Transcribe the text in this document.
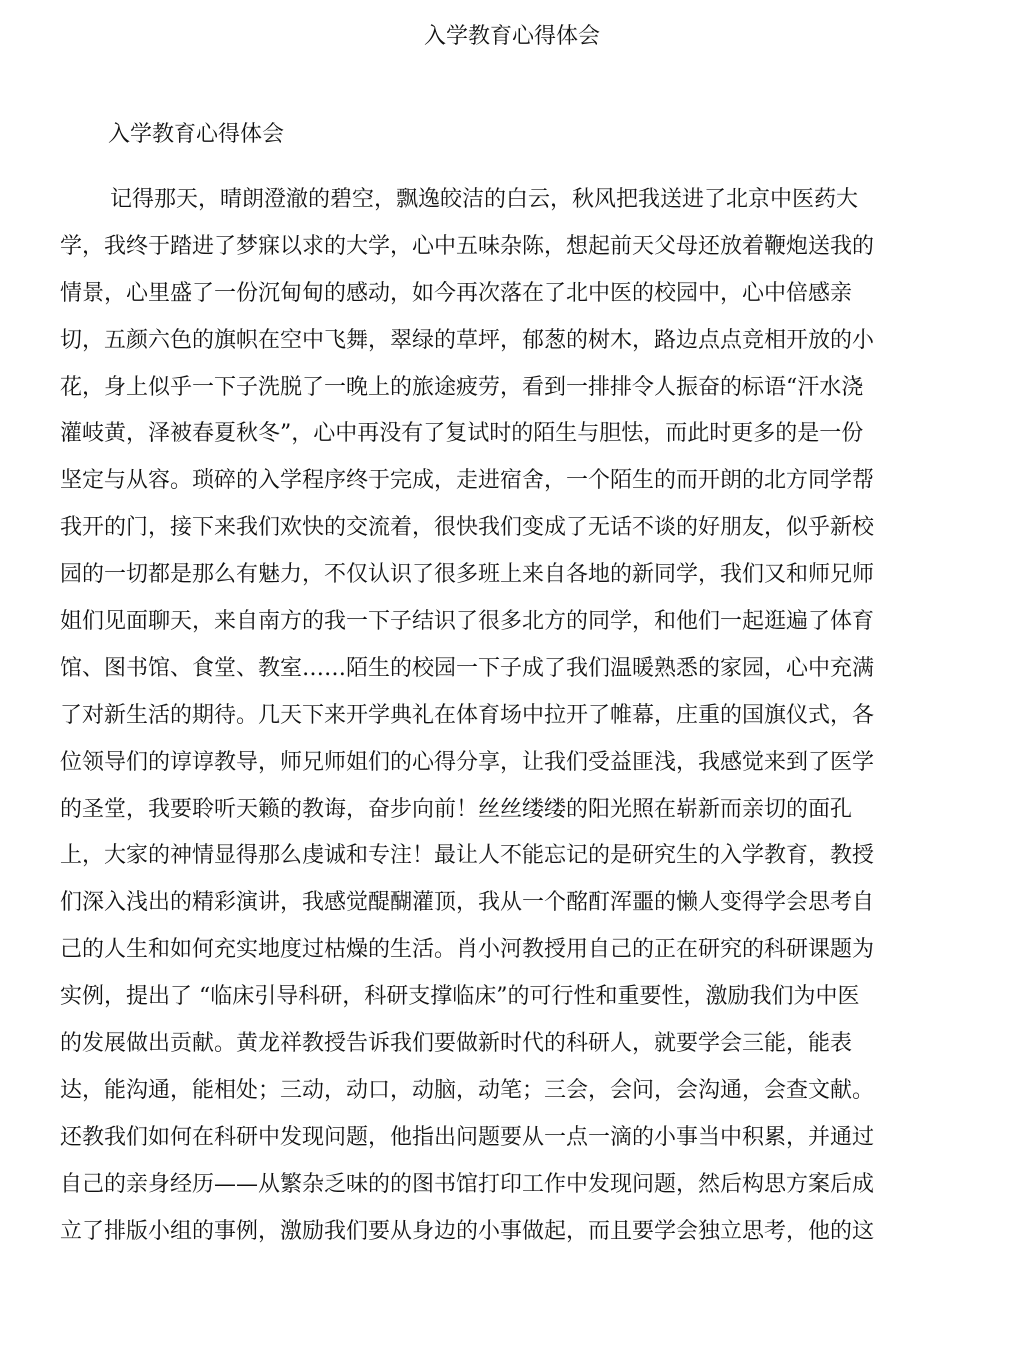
入学教育心得体会
入学教育心得体会
记得那天，晴朗澄澈的碧空，飘逸皎洁的白云，秋风把我送进了北京中医药大
学，我终于踏进了梦寐以求的大学，心中五味杂陈，想起前天父母还放着鞭炮送我的
情景，心里盛了一份沉甸甸的感动，如今再次落在了北中医的校园中，心中倍感亲
切，五颜六色的旗帜在空中飞舞，翠绿的草坪，郁葱的树木，路边点点竞相开放的小
花，身上似乎一下子洗脱了一晚上的旅途疲劳，看到一排排令人振奋的标语“汗水浇
灌岐黄，泽被春夏秋冬”，心中再没有了复试时的陌生与胆怯，而此时更多的是一份
坚定与从容。琐碎的入学程序终于完成，走进宿舍，一个陌生的而开朗的北方同学帮
我开的门，接下来我们欢快的交流着，很快我们变成了无话不谈的好朋友，似乎新校
园的一切都是那么有魅力，不仅认识了很多班上来自各地的新同学，我们又和师兄师
姐们见面聊天，来自南方的我一下子结识了很多北方的同学，和他们一起逛遍了体育
馆、图书馆、食堂、教室……陌生的校园一下子成了我们温暖熟悉的家园，心中充满
了对新生活的期待。几天下来开学典礼在体育场中拉开了帷幕，庄重的国旗仪式，各
位领导们的谆谆教导，师兄师姐们的心得分享，让我们受益匪浅，我感觉来到了医学
的圣堂，我要聆听天籁的教诲，奋步向前！丝丝缕缕的阳光照在崭新而亲切的面孔
上，大家的神情显得那么虔诚和专注！最让人不能忘记的是研究生的入学教育，教授
们深入浅出的精彩演讲，我感觉醍醐灌顶，我从一个酩酊浑噩的懒人变得学会思考自
己的人生和如何充实地度过枯燥的生活。肖小河教授用自己的正在研究的科研课题为
实例，提出了 “临床引导科研，科研支撑临床”的可行性和重要性，激励我们为中医
的发展做出贡献。黄龙祥教授告诉我们要做新时代的科研人，就要学会三能，能表
达，能沟通，能相处；三动，动口，动脑，动笔；三会，会问，会沟通，会查文献。
还教我们如何在科研中发现问题，他指出问题要从一点一滴的小事当中积累，并通过
自己的亲身经历——从繁杂乏味的的图书馆打印工作中发现问题，然后构思方案后成
立了排版小组的事例，激励我们要从身边的小事做起，而且要学会独立思考，他的这
